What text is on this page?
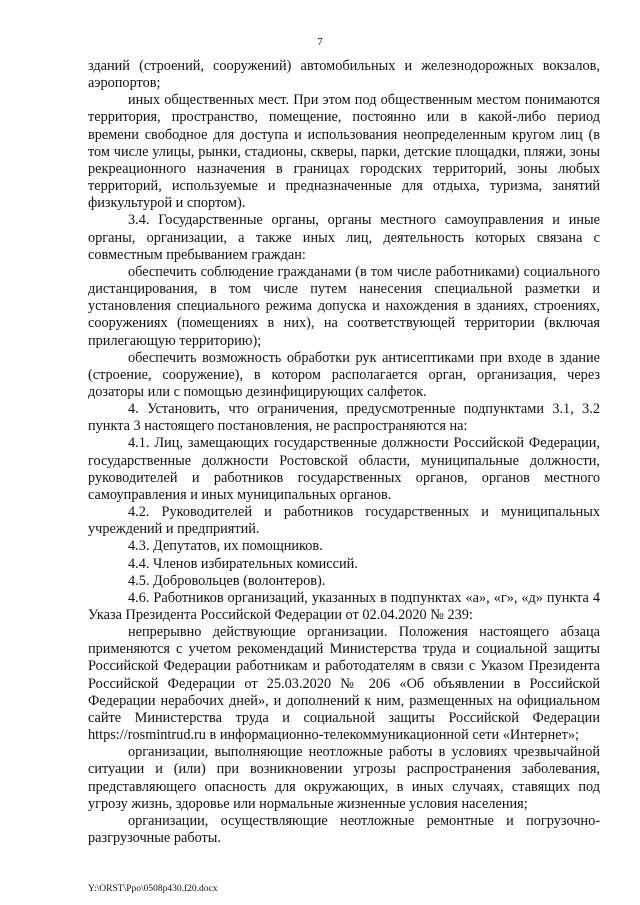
7

зданий (строений, сооружений) автомобильных и железнодорожных вокзалов, аэропортов;

иных общественных мест. При этом под общественным местом понимаются территория, пространство, помещение, постоянно или в какой-либо период времени свободное для доступа и использования неопределенным кругом лиц (в том числе улицы, рынки, стадионы, скверы, парки, детские площадки, пляжи, зоны рекреационного назначения в границах городских территорий, зоны любых территорий, используемые и предназначенные для отдыха, туризма, занятий физкультурой и спортом).

3.4. Государственные органы, органы местного самоуправления и иные органы, организации, а также иных лиц, деятельность которых связана с совместным пребыванием граждан:

обеспечить соблюдение гражданами (в том числе работниками) социального дистанцирования, в том числе путем нанесения специальной разметки и установления специального режима допуска и нахождения в зданиях, строениях, сооружениях (помещениях в них), на соответствующей территории (включая прилегающую территорию);

обеспечить возможность обработки рук антисептиками при входе в здание (строение, сооружение), в котором располагается орган, организация, через дозаторы или с помощью дезинфицирующих салфеток.

4. Установить, что ограничения, предусмотренные подпунктами 3.1, 3.2 пункта 3 настоящего постановления, не распространяются на:

4.1. Лиц, замещающих государственные должности Российской Федерации, государственные должности Ростовской области, муниципальные должности, руководителей и работников государственных органов, органов местного самоуправления и иных муниципальных органов.

4.2. Руководителей и работников государственных и муниципальных учреждений и предприятий.

4.3. Депутатов, их помощников.

4.4. Членов избирательных комиссий.

4.5. Добровольцев (волонтеров).

4.6. Работников организаций, указанных в подпунктах «а», «г», «д» пункта 4 Указа Президента Российской Федерации от 02.04.2020 № 239:

непрерывно действующие организации. Положения настоящего абзаца применяются с учетом рекомендаций Министерства труда и социальной защиты Российской Федерации работникам и работодателям в связи с Указом Президента Российской Федерации от 25.03.2020 № 206 «Об объявлении в Российской Федерации нерабочих дней», и дополнений к ним, размещенных на официальном сайте Министерства труда и социальной защиты Российской Федерации https://rosmintrud.ru в информационно-телекоммуникационной сети «Интернет»;

организации, выполняющие неотложные работы в условиях чрезвычайной ситуации и (или) при возникновении угрозы распространения заболевания, представляющего опасность для окружающих, в иных случаях, ставящих под угрозу жизнь, здоровье или нормальные жизненные условия населения;

организации, осуществляющие неотложные ремонтные и погрузочно-разгрузочные работы.

Y:\ORST\Ppo\0508p430.f20.docx
